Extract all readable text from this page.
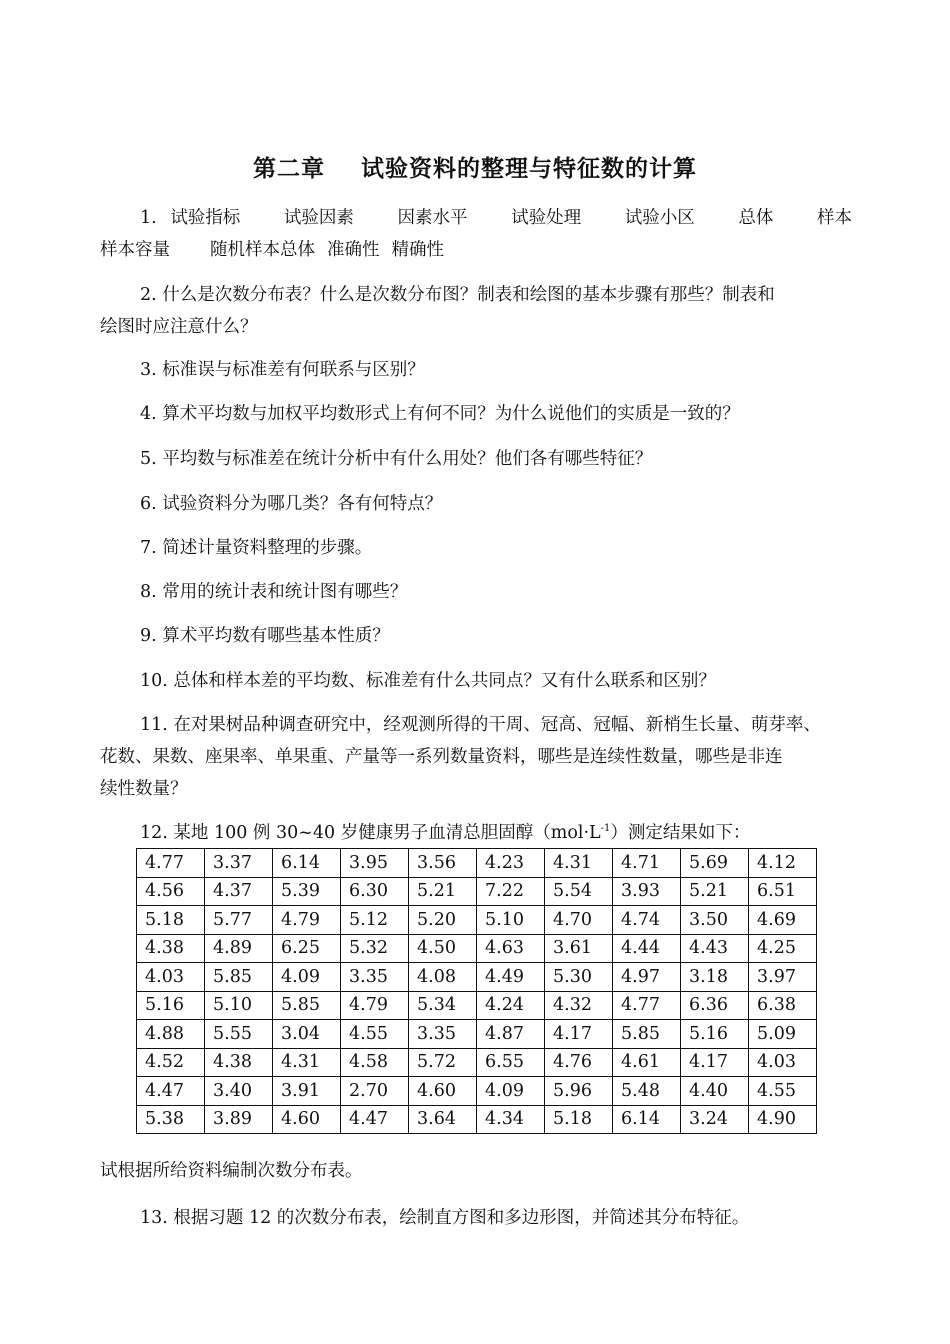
第二章    试验资料的整理与特征数的计算
1. 试验指标 试验因素 因素水平 试验处理 试验小区 总体 样本
样本容量 随机样本总体 准确性 精确性
2. 什么是次数分布表？什么是次数分布图？制表和绘图的基本步骤有那些？制表和
绘图时应注意什么？
3. 标准误与标准差有何联系与区别？
4. 算术平均数与加权平均数形式上有何不同？为什么说他们的实质是一致的？
5. 平均数与标准差在统计分析中有什么用处？他们各有哪些特征？
6. 试验资料分为哪几类？各有何特点？
7. 简述计量资料整理的步骤。
8. 常用的统计表和统计图有哪些？
9. 算术平均数有哪些基本性质？
10. 总体和样本差的平均数、标准差有什么共同点？又有什么联系和区别？
11. 在对果树品种调查研究中，经观测所得的干周、冠高、冠幅、新梢生长量、萌芽率、
花数、果数、座果率、单果重、产量等一系列数量资料，哪些是连续性数量，哪些是非连
续性数量？
12. 某地 100 例 30~40 岁健康男子血清总胆固醇$(mol\cdot L^{-1})$测定结果如下：
4.77	3.37	6.14	3.95	3.56	4.23	4.31	4.71	5.69	4.12
4.56	4.37	5.39	6.30	5.21	7.22	5.54	3.93	5.21	6.51
5.18	5.77	4.79	5.12	5.20	5.10	4.70	4.74	3.50	4.69
4.38	4.89	6.25	5.32	4.50	4.63	3.61	4.44	4.43	4.25
4.03	5.85	4.09	3.35	4.08	4.49	5.30	4.97	3.18	3.97
5.16	5.10	5.85	4.79	5.34	4.24	4.32	4.77	6.36	6.38
4.88	5.55	3.04	4.55	3.35	4.87	4.17	5.85	5.16	5.09
4.52	4.38	4.31	4.58	5.72	6.55	4.76	4.61	4.17	4.03
4.47	3.40	3.91	2.70	4.60	4.09	5.96	5.48	4.40	4.55
5.38	3.89	4.60	4.47	3.64	4.34	5.18	6.14	3.24	4.90
试根据所给资料编制次数分布表。
13. 根据习题 12 的次数分布表，绘制直方图和多边形图，并简述其分布特征。
